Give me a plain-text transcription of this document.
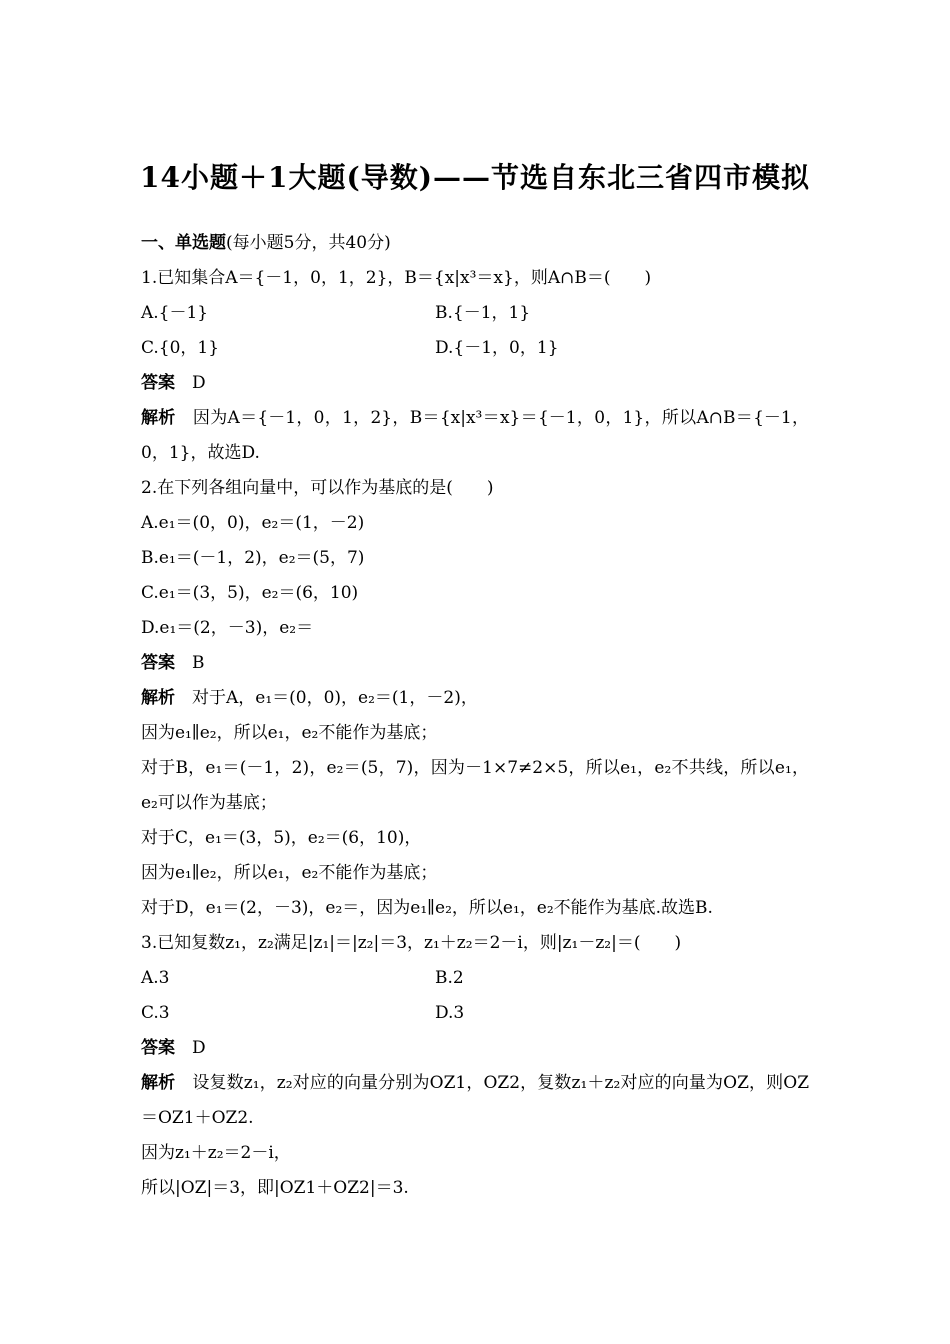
14小题＋1大题(导数)——节选自东北三省四市模拟
一、单选题(每小题5分，共40分)
1.已知集合A＝{－1，0，1，2}，B＝{x|x³＝x}，则A∩B＝(　　)
A.{－1}	B.{－1，1}
C.{0，1}	D.{－1，0，1}
答案　 D
解析　 因为A＝{－1，0，1，2}，B＝{x|x³＝x}＝{－1，0，1}，所以A∩B＝{－1，0，1}，故选D.
2.在下列各组向量中，可以作为基底的是(　　)
A.e₁＝(0，0)，e₂＝(1，－2)
B.e₁＝(－1，2)，e₂＝(5，7)
C.e₁＝(3，5)，e₂＝(6，10)
D.e₁＝(2，－3)，e₂＝
答案　 B
解析　 对于A，e₁＝(0，0)，e₂＝(1，－2)，
因为e₁∥e₂，所以e₁，e₂不能作为基底；
对于B，e₁＝(－1，2)，e₂＝(5，7)，因为－1×7≠2×5，所以e₁，e₂不共线，所以e₁，e₂可以作为基底；
对于C，e₁＝(3，5)，e₂＝(6，10)，
因为e₁∥e₂，所以e₁，e₂不能作为基底；
对于D，e₁＝(2，－3)，e₂＝，因为e₁∥e₂，所以e₁，e₂不能作为基底.故选B.
3.已知复数z₁，z₂满足|z₁|＝|z₂|＝3，z₁＋z₂＝2－i，则|z₁－z₂|＝(　　)
A.3	B.2
C.3	D.3
答案　 D
解析　 设复数z₁，z₂对应的向量分别为OZ1，OZ2，复数z₁＋z₂对应的向量为OZ，则OZ＝OZ1＋OZ2.
因为z₁＋z₂＝2－i，
所以|OZ|＝3，即|OZ1＋OZ2|＝3.
